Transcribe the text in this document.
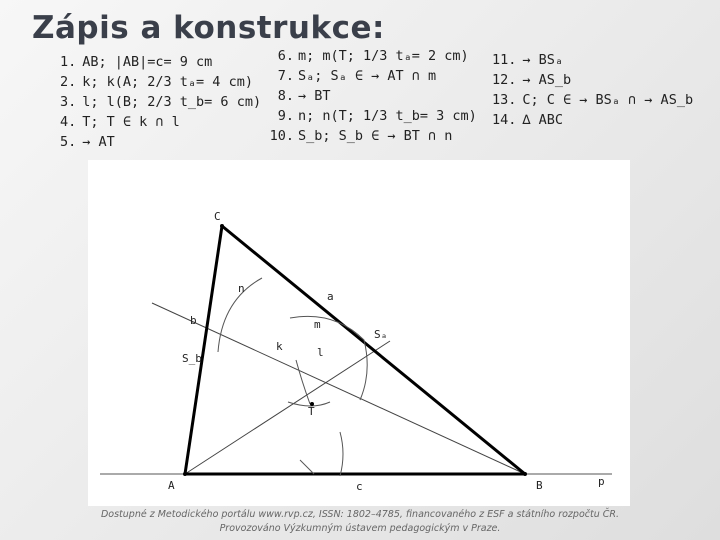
Zápis a konstrukce:
1. AB; |AB|=c= 9 cm
2. k; k(A; 2/3 tₐ= 4 cm)
3. l; l(B; 2/3 t_b= 6 cm)
4. T; T ∈ k ∩ l
5. → AT
6. m; m(T; 1/3 tₐ= 2 cm)
7. Sₐ; Sₐ ∈ → AT ∩ m
8. → BT
9. n; n(T; 1/3 t_b= 3 cm)
10. S_b; S_b ∈ → BT ∩ n
11. → BSₐ
12. → AS_b
13. C; C ∈ → BSₐ ∩ → AS_b
14. ∆ ABC
C
A	B
T
a
c	p
k	l
m
n
b
Sₐ
S_b
Dostupné z Metodického portálu www.rvp.cz, ISSN: 1802–4785, financovaného z ESF a státního rozpočtu ČR.
Provozováno Výzkumným ústavem pedagogickým v Praze.
